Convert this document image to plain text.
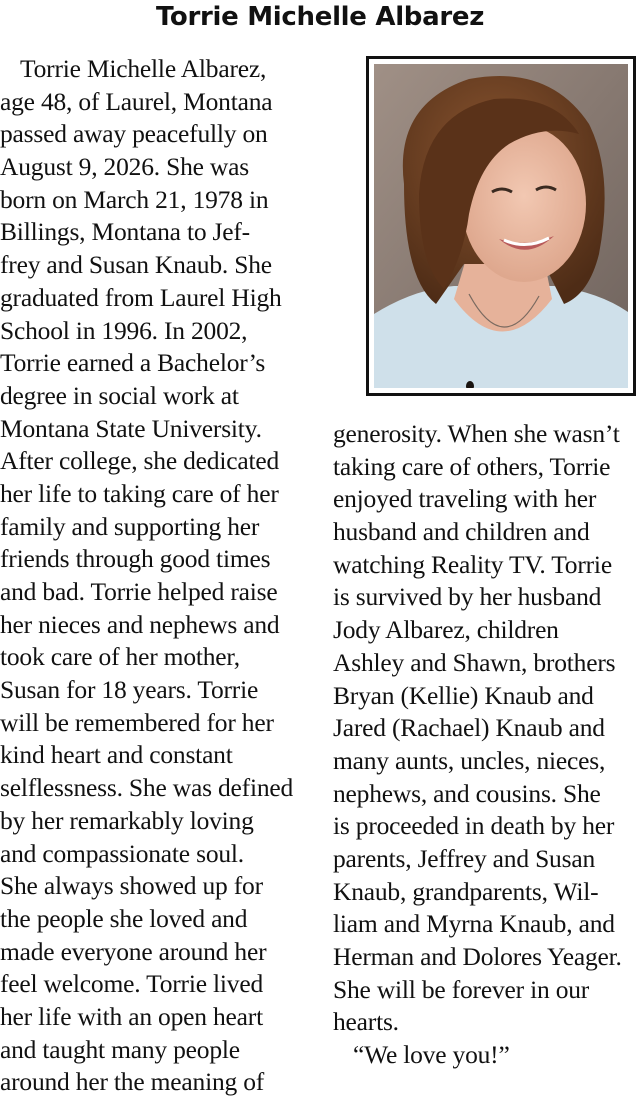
Torrie Michelle Albarez
Torrie Michelle Albarez,
age 48, of Laurel, Montana
passed away peacefully on
August 9, 2026. She was
born on March 21, 1978 in
Billings, Montana to Jef-
frey and Susan Knaub. She
graduated from Laurel High
School in 1996. In 2002,
Torrie earned a Bachelor’s
degree in social work at
Montana State University.
After college, she dedicated
her life to taking care of her
family and supporting her
friends through good times
and bad. Torrie helped raise
her nieces and nephews and
took care of her mother,
Susan for 18 years. Torrie
will be remembered for her
kind heart and constant
selflessness. She was defined
by her remarkably loving
and compassionate soul.
She always showed up for
the people she loved and
made everyone around her
feel welcome. Torrie lived
her life with an open heart
and taught many people
around her the meaning of
generosity. When she wasn’t
taking care of others, Torrie
enjoyed traveling with her
husband and children and
watching Reality TV. Torrie
is survived by her husband
Jody Albarez, children
Ashley and Shawn, brothers
Bryan (Kellie) Knaub and
Jared (Rachael) Knaub and
many aunts, uncles, nieces,
nephews, and cousins. She
is proceeded in death by her
parents, Jeffrey and Susan
Knaub, grandparents, Wil-
liam and Myrna Knaub, and
Herman and Dolores Yeager.
She will be forever in our
hearts.
“We love you!”
